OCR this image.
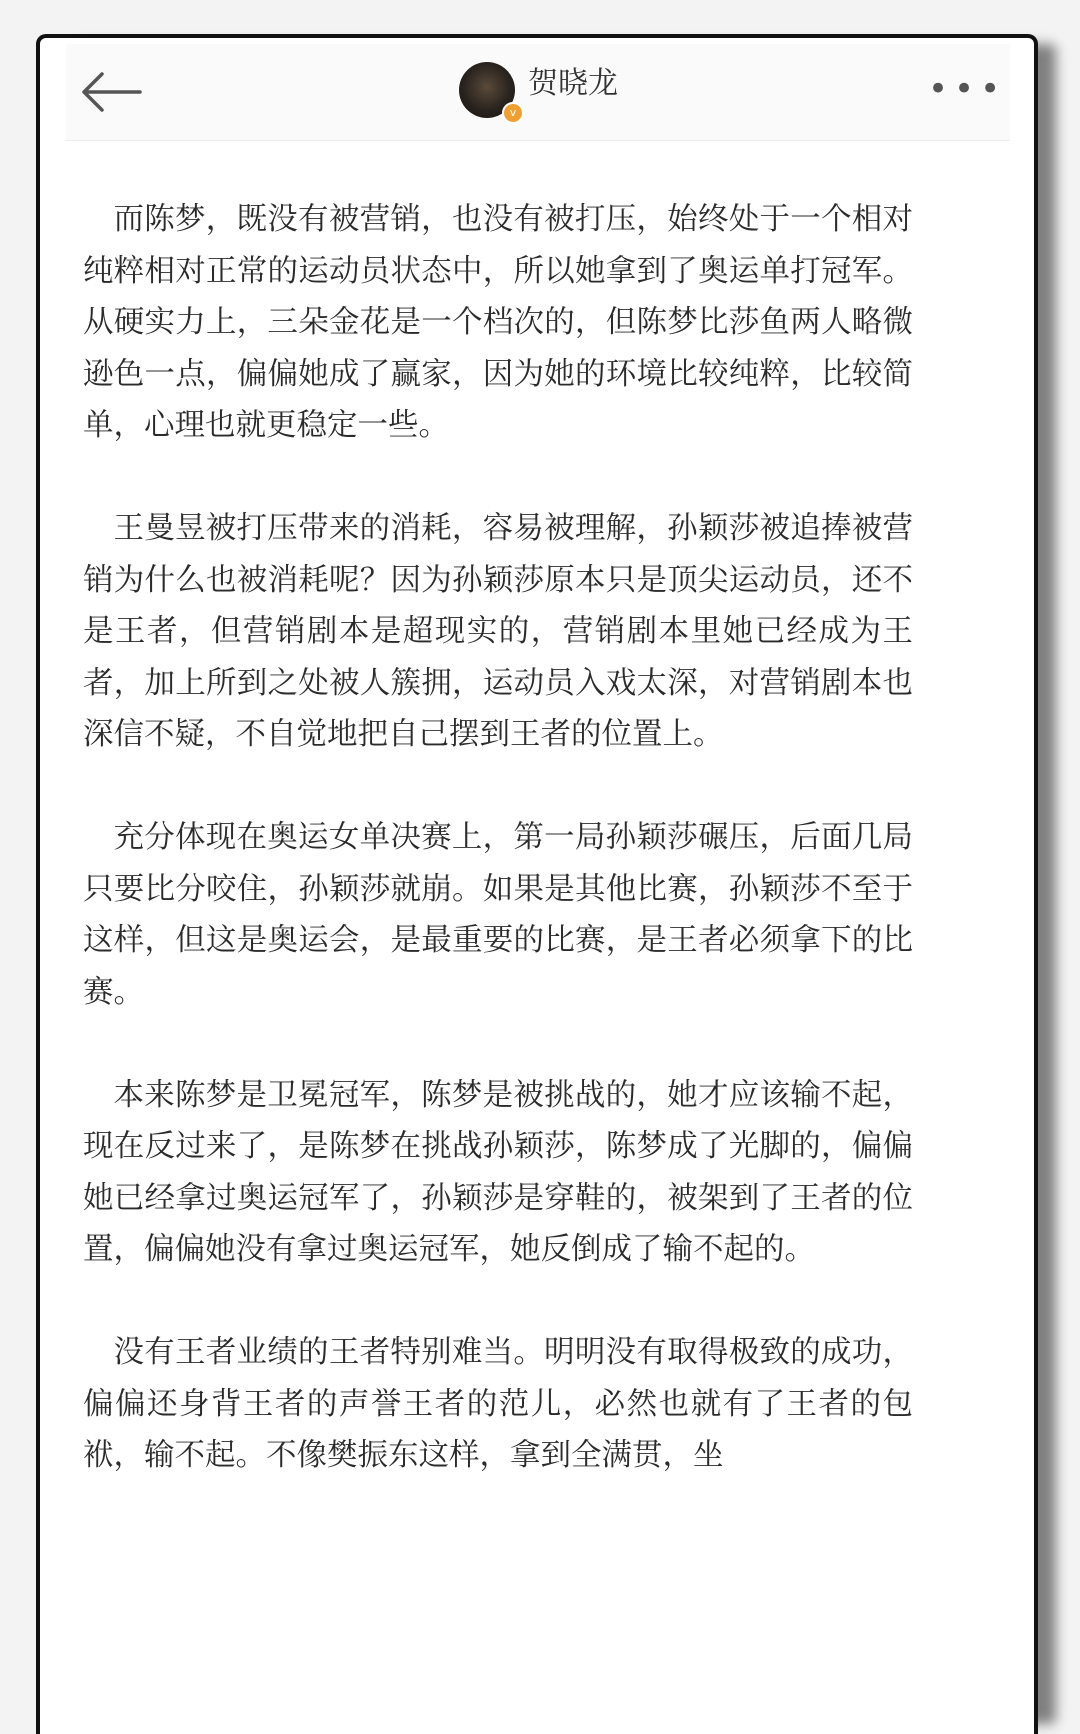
v
贺晓龙	•••

而陈梦，既没有被营销，也没有被打压，始终处于一个相对纯粹相对正常的运动员状态中，所以她拿到了奥运单打冠军。从硬实力上，三朵金花是一个档次的，但陈梦比莎鱼两人略微逊色一点，偏偏她成了赢家，因为她的环境比较纯粹，比较简单，心理也就更稳定一些。

王曼昱被打压带来的消耗，容易被理解，孙颖莎被追捧被营销为什么也被消耗呢？因为孙颖莎原本只是顶尖运动员，还不是王者，但营销剧本是超现实的，营销剧本里她已经成为王者，加上所到之处被人簇拥，运动员入戏太深，对营销剧本也深信不疑，不自觉地把自己摆到王者的位置上。

充分体现在奥运女单决赛上，第一局孙颖莎碾压，后面几局只要比分咬住，孙颖莎就崩。如果是其他比赛，孙颖莎不至于这样，但这是奥运会，是最重要的比赛，是王者必须拿下的比赛。

本来陈梦是卫冕冠军，陈梦是被挑战的，她才应该输不起，现在反过来了，是陈梦在挑战孙颖莎，陈梦成了光脚的，偏偏她已经拿过奥运冠军了，孙颖莎是穿鞋的，被架到了王者的位置，偏偏她没有拿过奥运冠军，她反倒成了输不起的。

没有王者业绩的王者特别难当。明明没有取得极致的成功，偏偏还身背王者的声誉王者的范儿，必然也就有了王者的包袱，输不起。不像樊振东这样，拿到全满贯，坐
